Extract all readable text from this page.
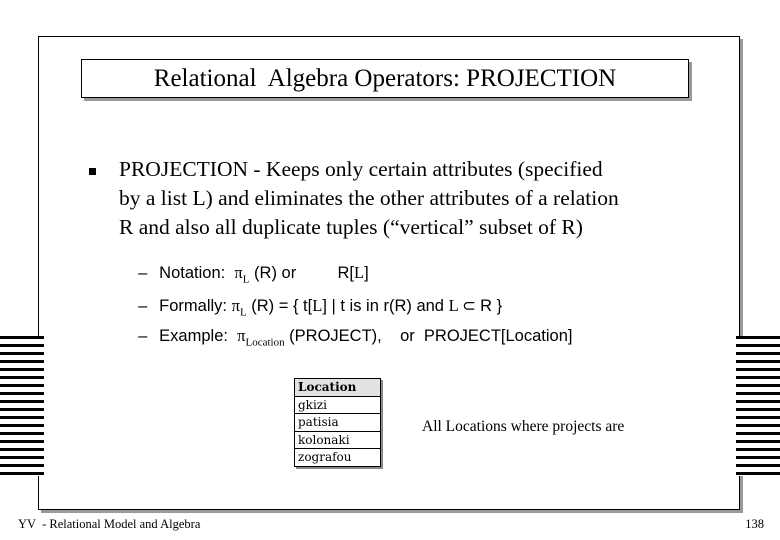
Relational  Algebra Operators: PROJECTION
PROJECTION - Keeps only certain attributes (specified
by a list L) and eliminates the other attributes of a relation
R and also all duplicate tuples (“vertical” subset of R)

– Notation:  $\pi_L$ (R) or         R[L]

– Formally: $\pi_L$ (R) = { t[L] | t is in r(R) and L ⊂ R }

– Example:  $\pi_{Location}$ (PROJECT),    or  PROJECT[Location]

Location
gkizi
patisia
kolonaki
zografou
All Locations where projects are
YV  - Relational Model and Algebra	138
